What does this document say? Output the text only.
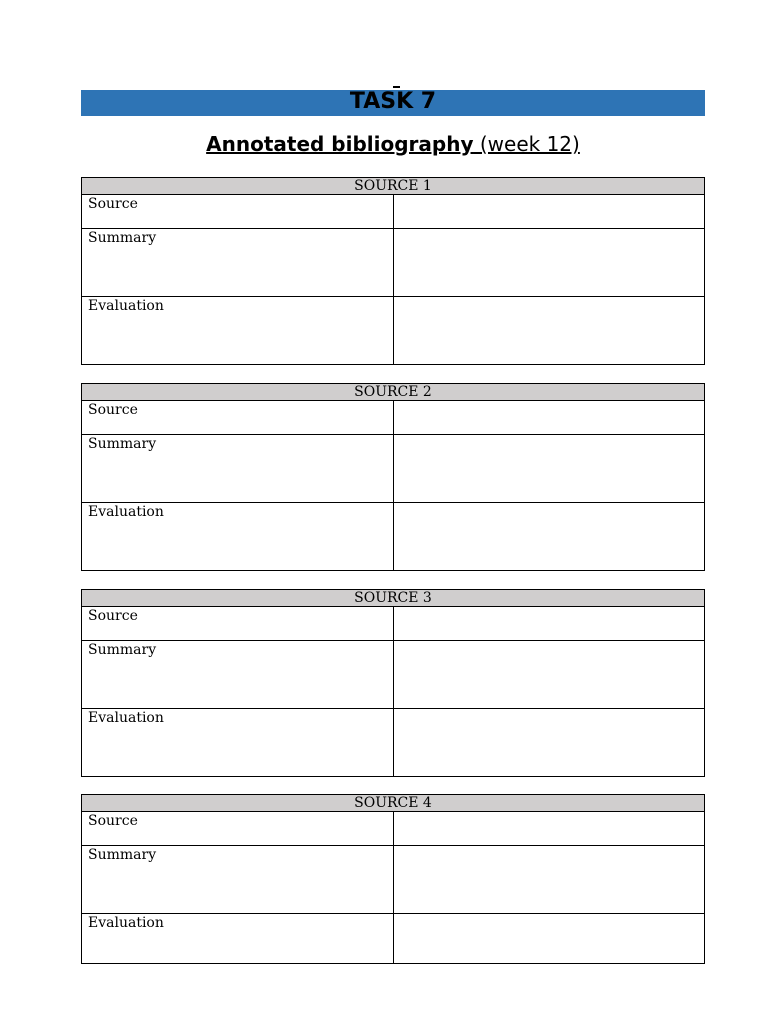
TASK 7
Annotated bibliography (week 12)
SOURCE 1	
Source	
Summary	
Evaluation	
SOURCE 2	
Source	
Summary	
Evaluation	
SOURCE 3	
Source	
Summary	
Evaluation	
SOURCE 4	
Source	
Summary	
Evaluation	
